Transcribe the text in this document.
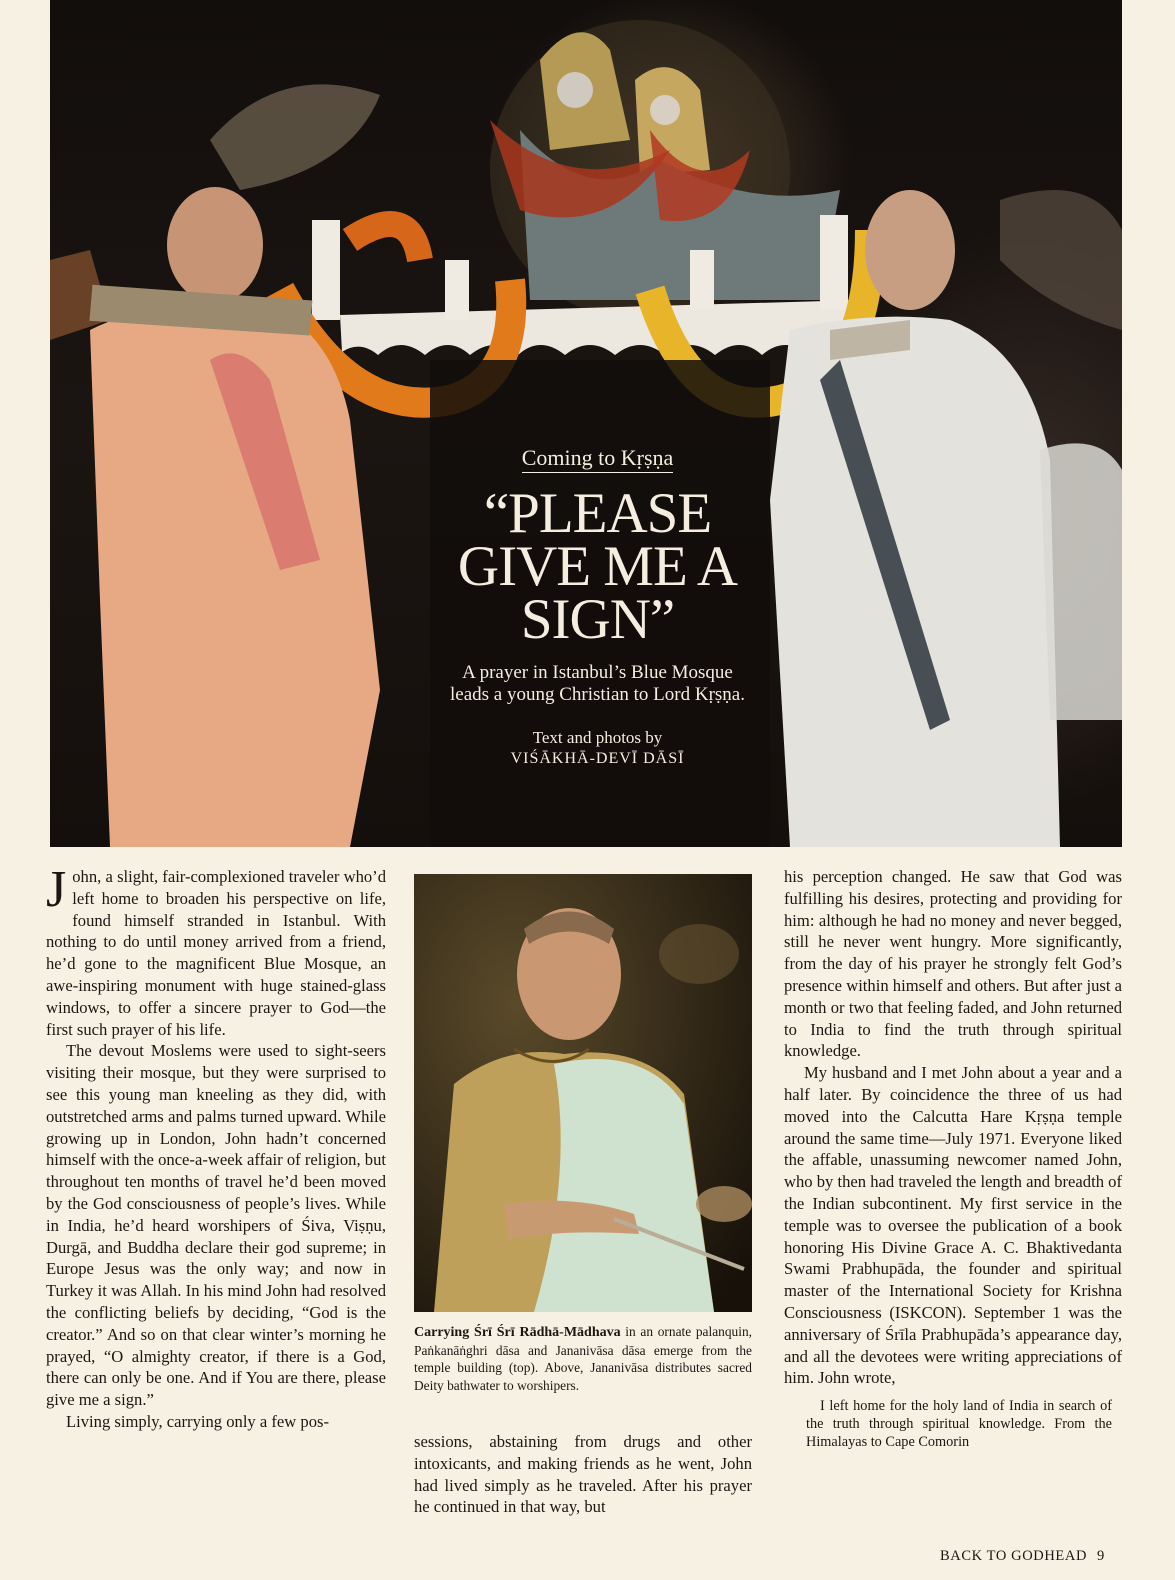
Coming to Kṛṣṇa
“PLEASE GIVE ME A SIGN”
A prayer in Istanbul’s Blue Mosque leads a young Christian to Lord Kṛṣṇa.
Text and photos by
VIŚĀKHĀ-DEVĪ DĀSĪ

John, a slight, fair-complexioned traveler who’d left home to broaden his perspective on life, found himself stranded in Istanbul. With nothing to do until money arrived from a friend, he’d gone to the magnificent Blue Mosque, an awe-inspiring monument with huge stained-glass windows, to offer a sincere prayer to God—the first such prayer of his life.

The devout Moslems were used to sight-seers visiting their mosque, but they were surprised to see this young man kneeling as they did, with outstretched arms and palms turned upward. While growing up in London, John hadn’t concerned himself with the once-a-week affair of religion, but throughout ten months of travel he’d been moved by the God consciousness of people’s lives. While in India, he’d heard worshipers of Śiva, Viṣṇu, Durgā, and Buddha declare their god supreme; in Europe Jesus was the only way; and now in Turkey it was Allah. In his mind John had resolved the conflicting beliefs by deciding, “God is the creator.” And so on that clear winter’s morning he prayed, “O almighty creator, if there is a God, there can only be one. And if You are there, please give me a sign.”

Living simply, carrying only a few pos-

Carrying Śrī Śrī Rādhā-Mādhava in an ornate palanquin, Paṅkanāṅghri dāsa and Jananivāsa dāsa emerge from the temple building (top). Above, Jananivāsa distributes sacred Deity bathwater to worshipers.

sessions, abstaining from drugs and other intoxicants, and making friends as he went, John had lived simply as he traveled. After his prayer he continued in that way, but

his perception changed. He saw that God was fulfilling his desires, protecting and providing for him: although he had no money and never begged, still he never went hungry. More significantly, from the day of his prayer he strongly felt God’s presence within himself and others. But after just a month or two that feeling faded, and John returned to India to find the truth through spiritual knowledge.

My husband and I met John about a year and a half later. By coincidence the three of us had moved into the Calcutta Hare Kṛṣṇa temple around the same time—July 1971. Everyone liked the affable, unassuming newcomer named John, who by then had traveled the length and breadth of the Indian subcontinent. My first service in the temple was to oversee the publication of a book honoring His Divine Grace A. C. Bhaktivedanta Swami Prabhupāda, the founder and spiritual master of the International Society for Krishna Consciousness (ISKCON). September 1 was the anniversary of Śrīla Prabhupāda’s appearance day, and all the devotees were writing appreciations of him. John wrote,

I left home for the holy land of India in search of the truth through spiritual knowledge. From the Himalayas to Cape Comorin
BACK TO GODHEAD 9
